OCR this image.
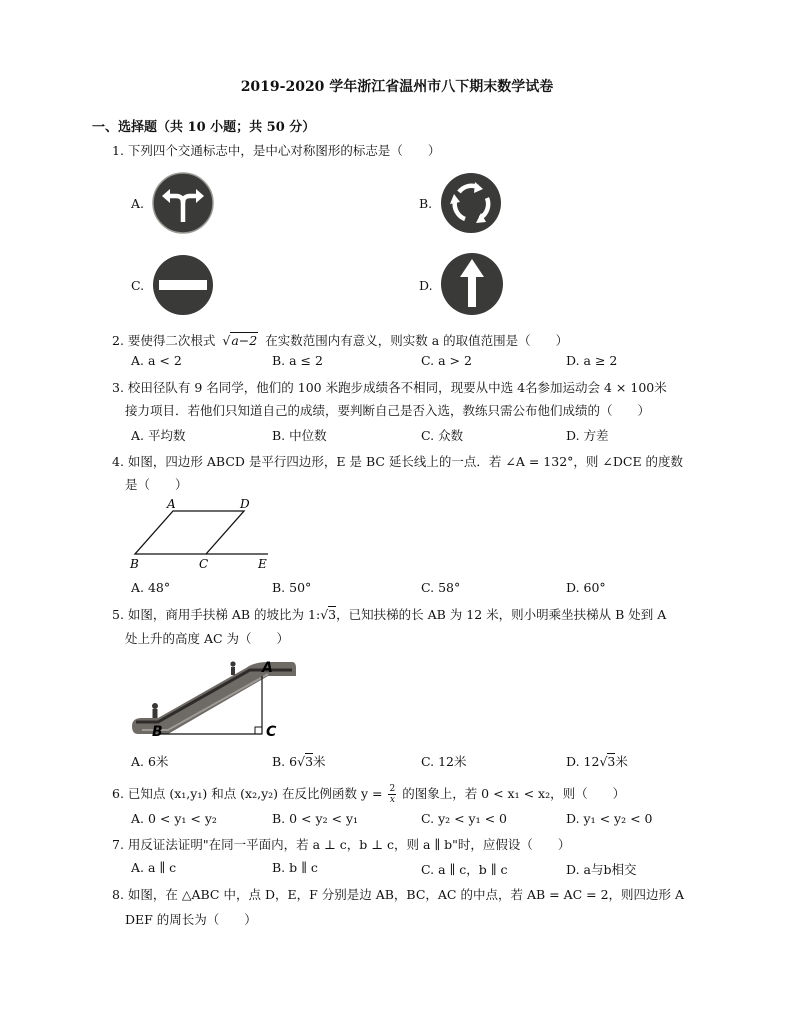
2019-2020 学年浙江省温州市八下期末数学试卷
一、选择题（共 10 小题；共 50 分）
1. 下列四个交通标志中，是中心对称图形的标志是（　　）
A.	B.
C.	D.
2. 要使得二次根式 √a−2 在实数范围内有意义，则实数 a 的取值范围是（　　）
A. a < 2	B. a ≤ 2	C. a > 2	D. a ≥ 2
3. 校田径队有 9 名同学，他们的 100 米跑步成绩各不相同，现要从中选 4名参加运动会 4 × 100米
接力项目．若他们只知道自己的成绩，要判断自己是否入选，教练只需公布他们成绩的（　　）
A. 平均数	B. 中位数	C. 众数	D. 方差
4. 如图，四边形 ABCD 是平行四边形，E 是 BC 延长线上的一点．若 ∠A = 132°，则 ∠DCE 的度数
是（　　）
A	D
B	C	E
A. 48°	B. 50°	C. 58°	D. 60°
5. 如图，商用手扶梯 AB 的坡比为 1:√3，已知扶梯的长 AB 为 12 米，则小明乘坐扶梯从 B 处到 A
处上升的高度 AC 为（　　）
A
B	C
A. 6米	B. 6√3米	C. 12米	D. 12√3米
6. 已知点 (x₁,y₁) 和点 (x₂,y₂) 在反比例函数 $y = \frac{2}{x}$ 的图象上，若 0 < x₁ < x₂，则（　　）
A. 0 < y₁ < y₂	B. 0 < y₂ < y₁	C. y₂ < y₁ < 0	D. y₁ < y₂ < 0
7. 用反证法证明"在同一平面内，若 a ⊥ c，b ⊥ c，则 a ∥ b"时，应假设（　　）
A. a ∥ c	B. b ∥ c	C. a ∥ c，b ∥ c	D. a与b相交
8. 如图，在 △ABC 中，点 D，E，F 分别是边 AB，BC，AC 的中点，若 AB = AC = 2，则四边形 A
DEF 的周长为（　　）
